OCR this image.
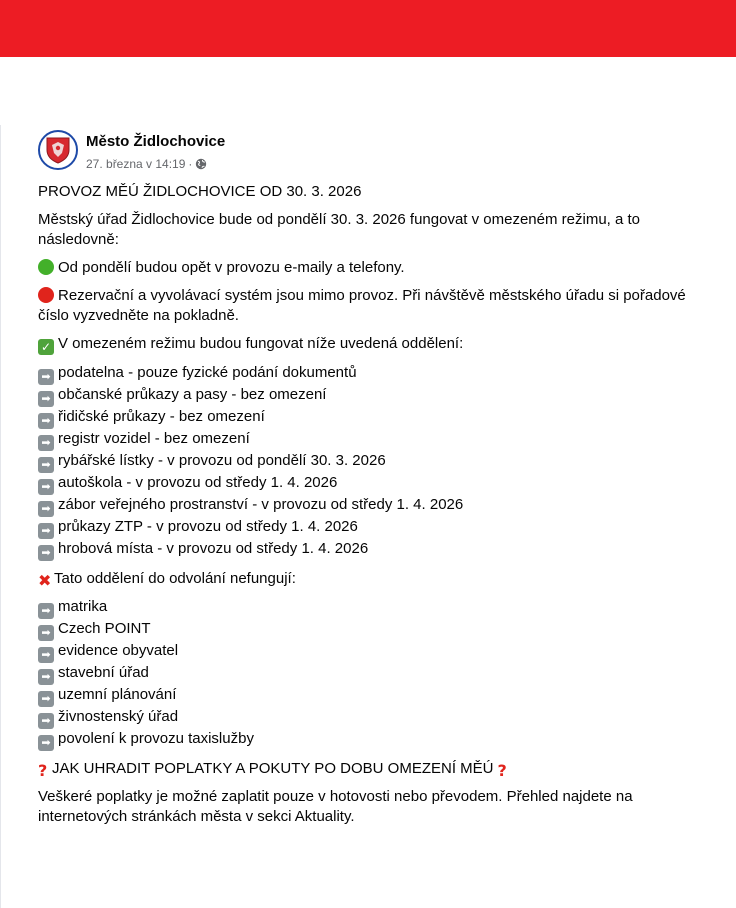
Město Židlochovice
27. března v 14:19 ·

PROVOZ MĚÚ ŽIDLOCHOVICE OD 30. 3. 2026

Městský úřad Židlochovice bude od pondělí 30. 3. 2026 fungovat v omezeném režimu, a to následovně:

Od pondělí budou opět v provozu e-maily a telefony.

Rezervační a vyvolávací systém jsou mimo provoz. Při návštěvě městského úřadu si pořadové číslo vyzvedněte na pokladně.

✓ V omezeném režimu budou fungovat níže uvedená oddělení:

➡ podatelna - pouze fyzické podání dokumentů
➡ občanské průkazy a pasy - bez omezení
➡ řidičské průkazy - bez omezení
➡ registr vozidel - bez omezení
➡ rybářské lístky - v provozu od pondělí 30. 3. 2026
➡ autoškola - v provozu od středy 1. 4. 2026
➡ zábor veřejného prostranství - v provozu od středy 1. 4. 2026
➡ průkazy ZTP - v provozu od středy 1. 4. 2026
➡ hrobová místa - v provozu od středy 1. 4. 2026

✖ Tato oddělení do odvolání nefungují:

➡ matrika
➡ Czech POINT
➡ evidence obyvatel
➡ stavební úřad
➡ uzemní plánování
➡ živnostenský úřad
➡ povolení k provozu taxislužby

? JAK UHRADIT POPLATKY A POKUTY PO DOBU OMEZENÍ MĚÚ ?

Veškeré poplatky je možné zaplatit pouze v hotovosti nebo převodem. Přehled najdete na internetových stránkách města v sekci Aktuality.
